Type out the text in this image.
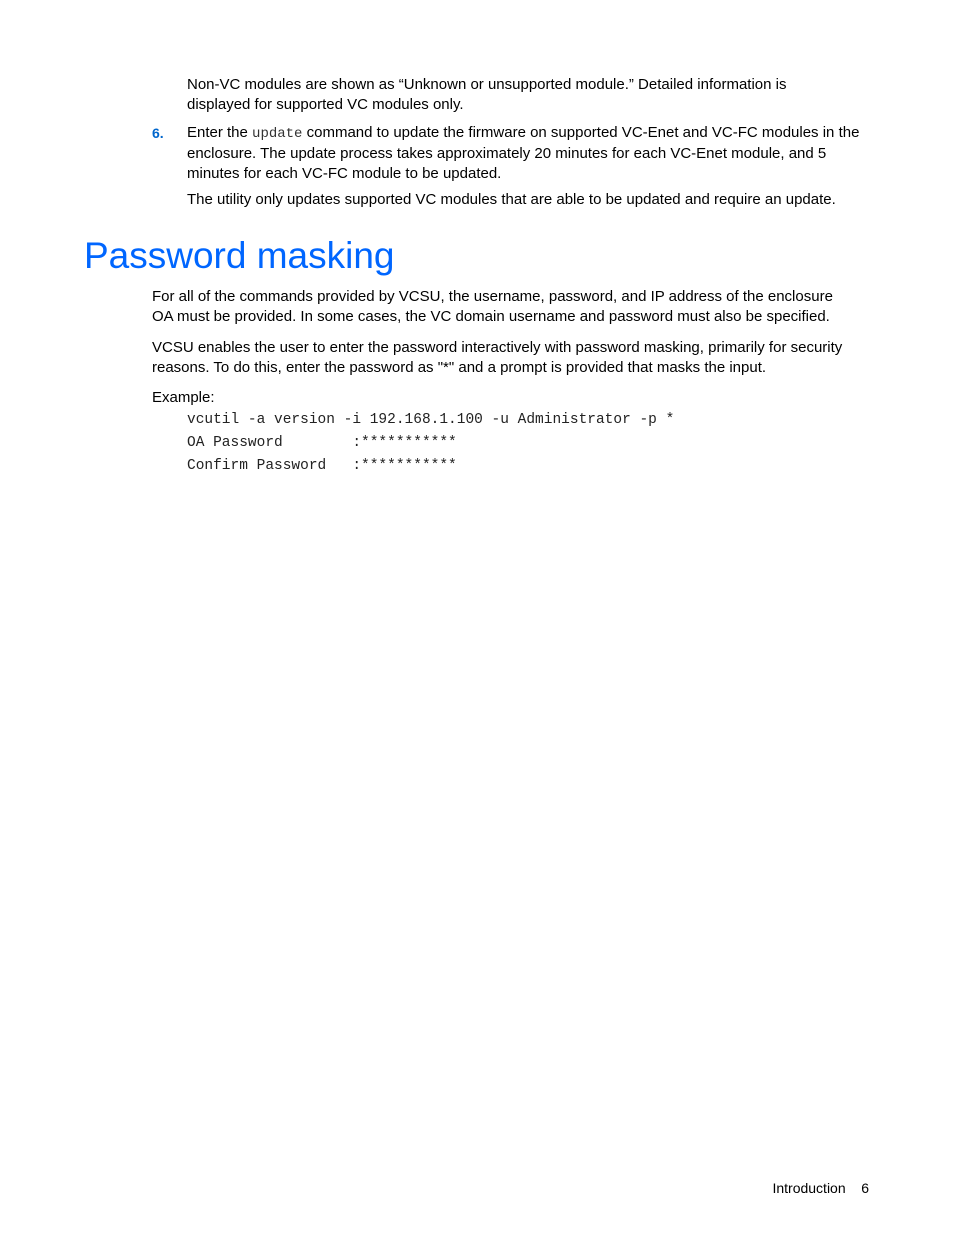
Non-VC modules are shown as “Unknown or unsupported module.” Detailed information is displayed for supported VC modules only.

6. Enter the update command to update the firmware on supported VC-Enet and VC-FC modules in the enclosure. The update process takes approximately 20 minutes for each VC-Enet module, and 5 minutes for each VC-FC module to be updated.

The utility only updates supported VC modules that are able to be updated and require an update.

Password masking

For all of the commands provided by VCSU, the username, password, and IP address of the enclosure OA must be provided. In some cases, the VC domain username and password must also be specified.

VCSU enables the user to enter the password interactively with password masking, primarily for security reasons. To do this, enter the password as "*" and a prompt is provided that masks the input.

Example:

vcutil -a version -i 192.168.1.100 -u Administrator -p *

OA Password        :***********

Confirm Password   :***********

Introduction 6
